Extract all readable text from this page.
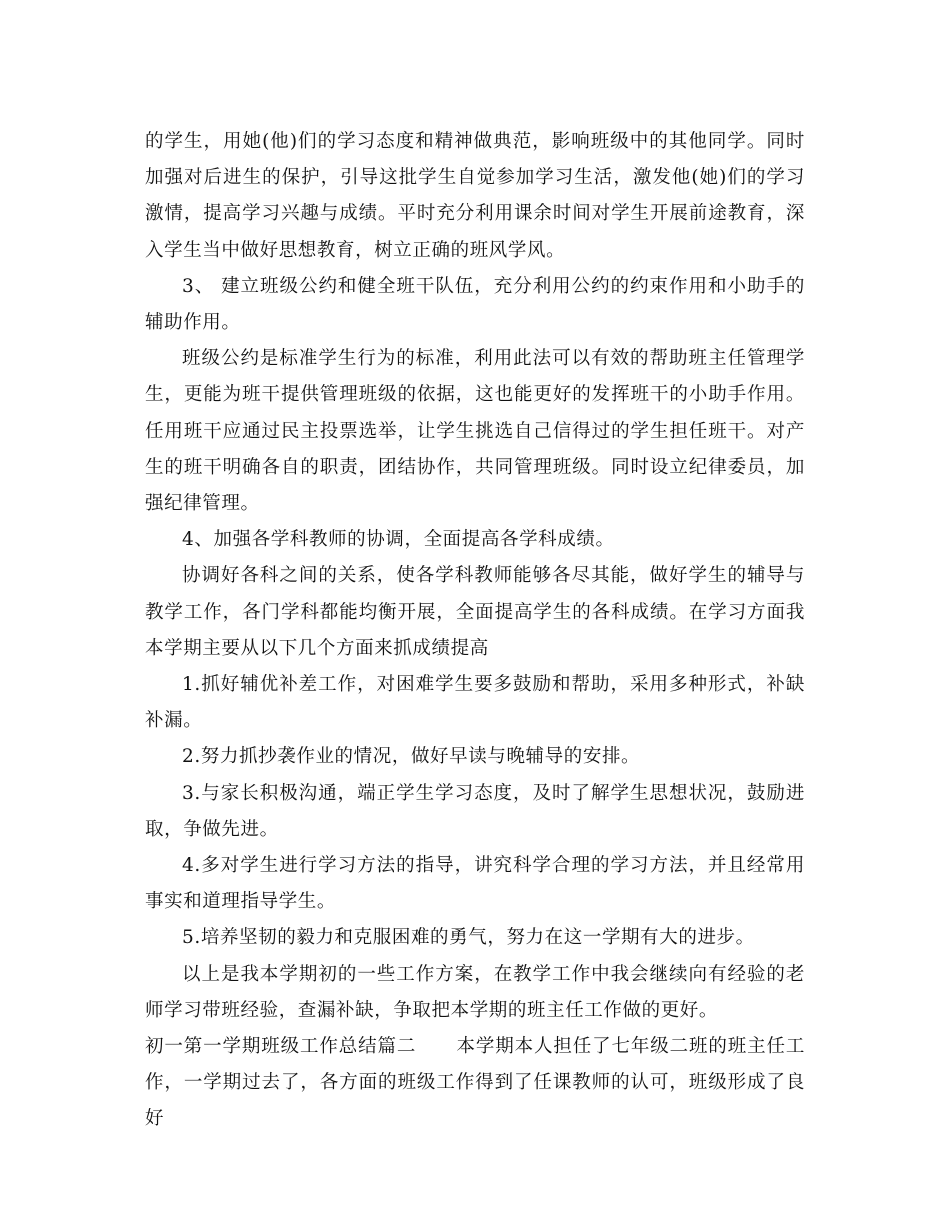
的学生，用她(他)们的学习态度和精神做典范，影响班级中的其他同学。同时加强对后进生的保护，引导这批学生自觉参加学习生活，激发他(她)们的学习激情，提高学习兴趣与成绩。平时充分利用课余时间对学生开展前途教育，深入学生当中做好思想教育，树立正确的班风学风。

3、 建立班级公约和健全班干队伍，充分利用公约的约束作用和小助手的辅助作用。

班级公约是标准学生行为的标准，利用此法可以有效的帮助班主任管理学生，更能为班干提供管理班级的依据，这也能更好的发挥班干的小助手作用。任用班干应通过民主投票选举，让学生挑选自己信得过的学生担任班干。对产生的班干明确各自的职责，团结协作，共同管理班级。同时设立纪律委员，加强纪律管理。

4、加强各学科教师的协调，全面提高各学科成绩。

协调好各科之间的关系，使各学科教师能够各尽其能，做好学生的辅导与教学工作，各门学科都能均衡开展，全面提高学生的各科成绩。在学习方面我本学期主要从以下几个方面来抓成绩提高

1.抓好辅优补差工作，对困难学生要多鼓励和帮助，采用多种形式，补缺补漏。

2.努力抓抄袭作业的情况，做好早读与晚辅导的安排。

3.与家长积极沟通，端正学生学习态度，及时了解学生思想状况，鼓励进取，争做先进。

4.多对学生进行学习方法的指导，讲究科学合理的学习方法，并且经常用事实和道理指导学生。

5.培养坚韧的毅力和克服困难的勇气，努力在这一学期有大的进步。

以上是我本学期初的一些工作方案，在教学工作中我会继续向有经验的老师学习带班经验，查漏补缺，争取把本学期的班主任工作做的更好。

初一第一学期班级工作总结篇二 本学期本人担任了七年级二班的班主任工作，一学期过去了，各方面的班级工作得到了任课教师的认可，班级形成了良好
